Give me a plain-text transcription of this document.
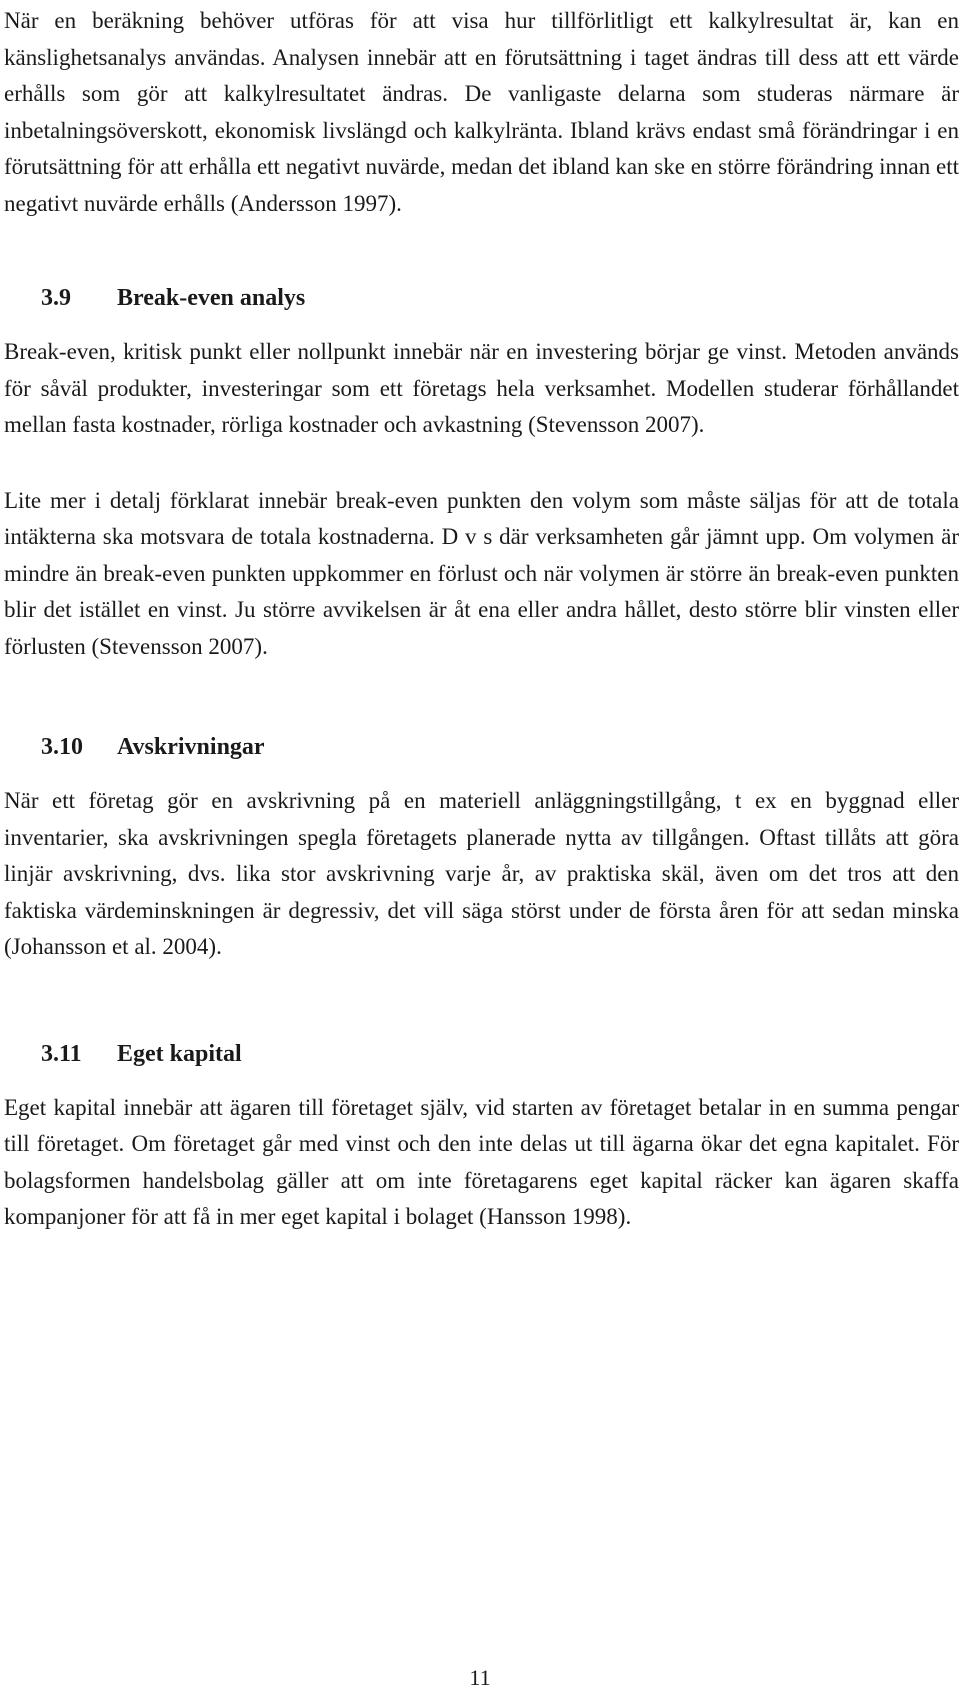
När en beräkning behöver utföras för att visa hur tillförlitligt ett kalkylresultat är, kan en känslighetsanalys användas. Analysen innebär att en förutsättning i taget ändras till dess att ett värde erhålls som gör att kalkylresultatet ändras. De vanligaste delarna som studeras närmare är inbetalningsöverskott, ekonomisk livslängd och kalkylränta. Ibland krävs endast små förändringar i en förutsättning för att erhålla ett negativt nuvärde, medan det ibland kan ske en större förändring innan ett negativt nuvärde erhålls (Andersson 1997).

3.9	Break-even analys

Break-even, kritisk punkt eller nollpunkt innebär när en investering börjar ge vinst. Metoden används för såväl produkter, investeringar som ett företags hela verksamhet. Modellen studerar förhållandet mellan fasta kostnader, rörliga kostnader och avkastning (Stevensson 2007).

Lite mer i detalj förklarat innebär break-even punkten den volym som måste säljas för att de totala intäkterna ska motsvara de totala kostnaderna. D v s där verksamheten går jämnt upp. Om volymen är mindre än break-even punkten uppkommer en förlust och när volymen är större än break-even punkten blir det istället en vinst. Ju större avvikelsen är åt ena eller andra hållet, desto större blir vinsten eller förlusten (Stevensson 2007).

3.10	Avskrivningar

När ett företag gör en avskrivning på en materiell anläggningstillgång, t ex en byggnad eller inventarier, ska avskrivningen spegla företagets planerade nytta av tillgången. Oftast tillåts att göra linjär avskrivning, dvs. lika stor avskrivning varje år, av praktiska skäl, även om det tros att den faktiska värdeminskningen är degressiv, det vill säga störst under de första åren för att sedan minska (Johansson et al. 2004).

3.11	Eget kapital

Eget kapital innebär att ägaren till företaget själv, vid starten av företaget betalar in en summa pengar till företaget. Om företaget går med vinst och den inte delas ut till ägarna ökar det egna kapitalet. För bolagsformen handelsbolag gäller att om inte företagarens eget kapital räcker kan ägaren skaffa kompanjoner för att få in mer eget kapital i bolaget (Hansson 1998).

11
